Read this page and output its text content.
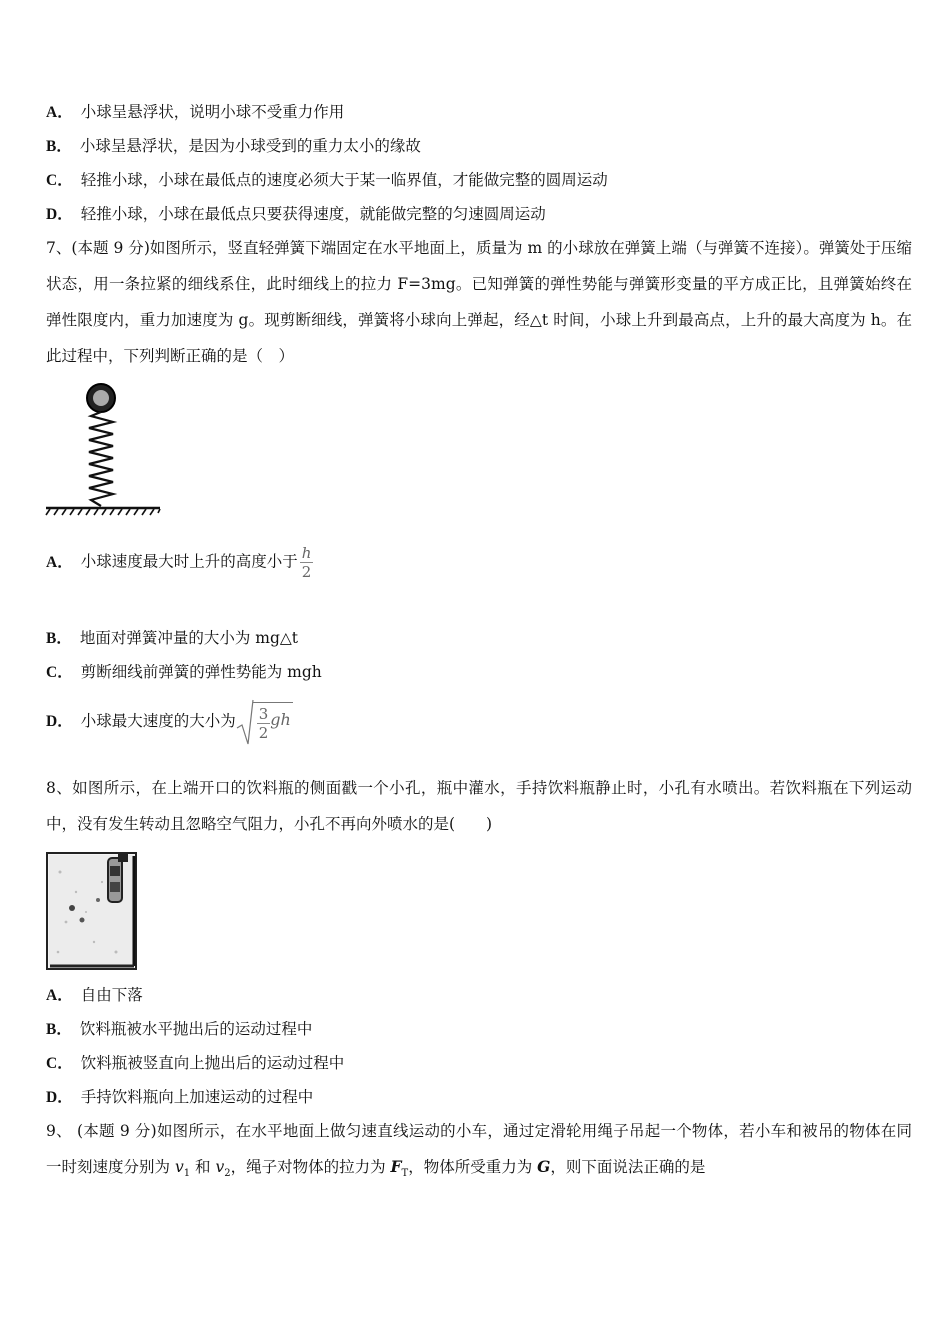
A． 小球呈悬浮状，说明小球不受重力作用
B． 小球呈悬浮状，是因为小球受到的重力太小的缘故
C． 轻推小球，小球在最低点的速度必须大于某一临界值，才能做完整的圆周运动
D． 轻推小球，小球在最低点只要获得速度，就能做完整的匀速圆周运动
7、(本题 9 分)如图所示，竖直轻弹簧下端固定在水平地面上，质量为 m 的小球放在弹簧上端（与弹簧不连接）。弹簧处于压缩状态，用一条拉紧的细线系住，此时细线上的拉力 F=3mg。已知弹簧的弹性势能与弹簧形变量的平方成正比，且弹簧始终在弹性限度内，重力加速度为 g。现剪断细线，弹簧将小球向上弹起，经△t 时间，小球上升到最高点，上升的最大高度为 h。在此过程中，下列判断正确的是（　）
A． 小球速度最大时上升的高度小于 $\frac{h}{2}$
B． 地面对弹簧冲量的大小为 mg△t
C． 剪断细线前弹簧的弹性势能为 mgh
D． 小球最大速度的大小为 $\frac{3}{2}$ gh
8、如图所示，在上端开口的饮料瓶的侧面戳一个小孔，瓶中灌水，手持饮料瓶静止时，小孔有水喷出。若饮料瓶在下列运动中，没有发生转动且忽略空气阻力，小孔不再向外喷水的是(　　)
A． 自由下落
B． 饮料瓶被水平抛出后的运动过程中
C． 饮料瓶被竖直向上抛出后的运动过程中
D． 手持饮料瓶向上加速运动的过程中
9、 (本题 9 分)如图所示，在水平地面上做匀速直线运动的小车，通过定滑轮用绳子吊起一个物体，若小车和被吊的物体在同一时刻速度分别为 $v_1$ 和 $v_2$，绳子对物体的拉力为 $F_T$，物体所受重力为 G，则下面说法正确的是
